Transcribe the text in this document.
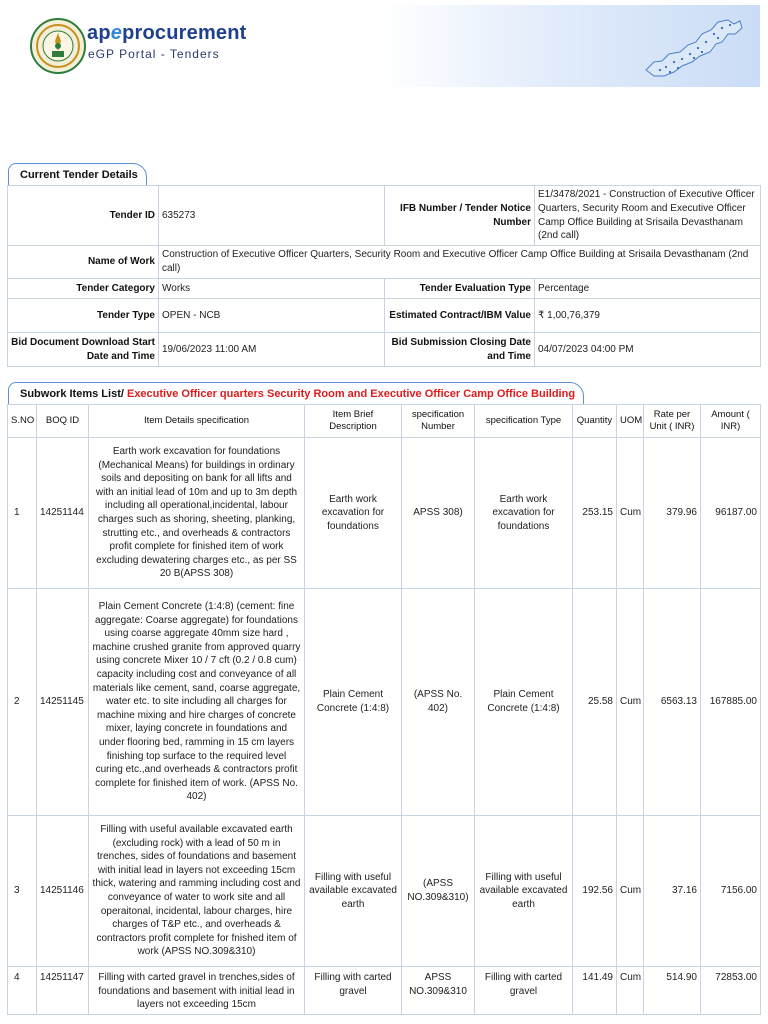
apeprocurement
eGP Portal - Tenders
Current Tender Details
Tender ID	635273	IFB Number / Tender Notice Number	E1/3478/2021 - Construction of Executive Officer Quarters, Security Room and Executive Officer Camp Office Building at Srisaila Devasthanam (2nd call)
Name of Work	Construction of Executive Officer Quarters, Security Room and Executive Officer Camp Office Building at Srisaila Devasthanam (2nd call)		
Tender Category	Works	Tender Evaluation Type	Percentage
Tender Type	OPEN - NCB	Estimated Contract/IBM Value	₹ 1,00,76,379
Bid Document Download Start Date and Time	19/06/2023 11:00 AM	Bid Submission Closing Date and Time	04/07/2023 04:00 PM
Subwork Items List/ Executive Officer quarters Security Room and Executive Officer Camp Office Building
S.NO	BOQ ID	Item Details specification	Item Brief Description	specification Number	specification Type	Quantity	UOM	Rate per Unit ( INR)	Amount ( INR)
1	14251144	Earth work excavation for foundations (Mechanical Means) for buildings in ordinary soils and depositing on bank for all lifts and with an initial lead of 10m and up to 3m depth including all operational,incidental, labour charges such as shoring, sheeting, planking, strutting etc., and overheads & contractors profit complete for finished item of work excluding dewatering charges etc., as per SS 20 B(APSS 308)	Earth work excavation for foundations	APSS 308)	Earth work excavation for foundations	253.15	Cum	379.96	96187.00
2	14251145	Plain Cement Concrete (1:4:8) (cement: fine aggregate: Coarse aggregate) for foundations using coarse aggregate 40mm size hard , machine crushed granite from approved quarry using concrete Mixer 10 / 7 cft (0.2 / 0.8 cum) capacity including cost and conveyance of all materials like cement, sand, coarse aggregate, water etc. to site including all charges for machine mixing and hire charges of concrete mixer, laying concrete in foundations and under flooring bed, ramming in 15 cm layers finishing top surface to the required level curing etc.,and overheads & contractors profit complete for finished item of work. (APSS No. 402)	Plain Cement Concrete (1:4:8)	(APSS No. 402)	Plain Cement Concrete (1:4:8)	25.58	Cum	6563.13	167885.00
3	14251146	Filling with useful available excavated earth (excluding rock) with a lead of 50 m in trenches, sides of foundations and basement with initial lead in layers not exceeding 15cm thick, watering and ramming including cost and conveyance of water to work site and all operaitonal, incidental, labour charges, hire charges of T&P etc., and overheads & contractors profit complete for fnished item of work (APSS NO.309&310)	Filling with useful available excavated earth	(APSS NO.309&310)	Filling with useful available excavated earth	192.56	Cum	37.16	7156.00
4	14251147	Filling with carted gravel in trenches,sides of foundations and basement with initial lead in layers not exceeding 15cm	Filling with carted gravel	APSS NO.309&310	Filling with carted gravel	141.49	Cum	514.90	72853.00
